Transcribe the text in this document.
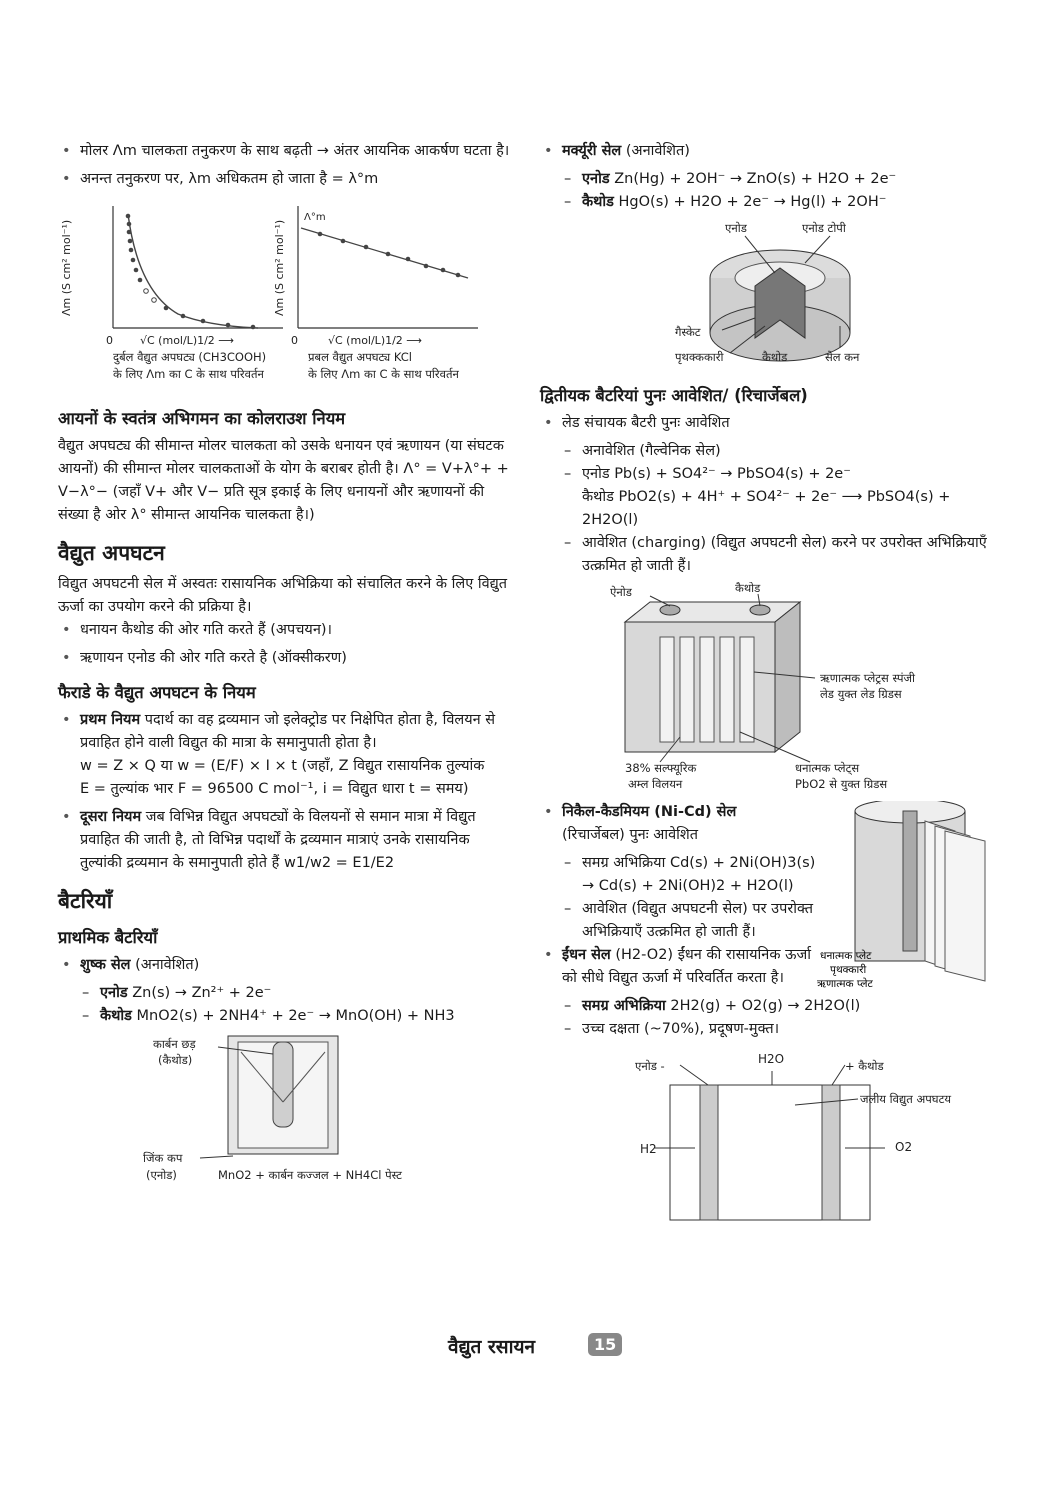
• मोलर Λm चालकता तनुकरण के साथ बढ़ती → अंतर आयनिक आकर्षण घटता है।
• अनन्त तनुकरण पर, λm अधिकतम हो जाता है = λ°m
Λm (S cm² mol⁻¹)
0 √C (mol/L)1/2 ⟶
दुर्बल वैद्युत अपघट्य (CH3COOH)
के लिए Λm का C के साथ परिवर्तन
Λ°m
Λm (S cm² mol⁻¹)
0	√C (mol/L)1/2 ⟶
प्रबल वैद्युत अपघट्य KCl
के लिए Λm का C के साथ परिवर्तन
आयनों के स्वतंत्र अभिगमन का कोलराउश नियम

वैद्युत अपघट्य की सीमान्त मोलर चालकता को उसके धनायन एवं ऋणायन (या संघटक आयनों) की सीमान्त मोलर चालकताओं के योग के बराबर होती है। Λ° = V+λ°+ + V−λ°− (जहाँ V+ और V− प्रति सूत्र इकाई के लिए धनायनों और ऋणायनों की संख्या है ओर λ° सीमान्त आयनिक चालकता है।)

वैद्युत अपघटन

विद्युत अपघटनी सेल में अस्वतः रासायनिक अभिक्रिया को संचालित करने के लिए विद्युत ऊर्जा का उपयोग करने की प्रक्रिया है।

• धनायन कैथोड की ओर गति करते हैं (अपचयन)।
• ऋणायन एनोड की ओर गति करते है (ऑक्सीकरण)
फैराडे के वैद्युत अपघटन के नियम
• प्रथम नियम पदार्थ का वह द्रव्यमान जो इलेक्ट्रोड पर निक्षेपित होता है, विलयन से प्रवाहित होने वाली विद्युत की मात्रा के समानुपाती होता है।
w = Z × Q या w = (E/F) × I × t (जहाँ, Z विद्युत रासायनिक तुल्यांक
E = तुल्यांक भार F = 96500 C mol⁻¹, i = विद्युत धारा t = समय)
• दूसरा नियम जब विभिन्न विद्युत अपघट्यों के विलयनों से समान मात्रा में विद्युत प्रवाहित की जाती है, तो विभिन्न पदार्थों के द्रव्यमान मात्राएं उनके रासायनिक तुल्यांकी द्रव्यमान के समानुपाती होते हैं w1/w2 = E1/E2
बैटरियाँ
प्राथमिक बैटरियाँ
• शुष्क सेल (अनावेशित)
– एनोड Zn(s) → Zn²⁺ + 2e⁻
– कैथोड MnO2(s) + 2NH4⁺ + 2e⁻ → MnO(OH) + NH3
कार्बन छड़
(कैथोड)
जिंक कप
(एनोड)	MnO2 + कार्बन कज्जल + NH4Cl पेस्ट
• मर्क्यूरी सेल (अनावेशित)
– एनोड Zn(Hg) + 2OH⁻ → ZnO(s) + H2O + 2e⁻
– कैथोड HgO(s) + H2O + 2e⁻ → Hg(l) + 2OH⁻
एनोड	एनोड टोपी
गैस्केट
पृथक्ककारी	कैथोड	सेल कन
द्वितीयक बैटरियां पुनः आवेशित/ (रिचार्जेबल)
• लेड संचायक बैटरी पुनः आवेशित
– अनावेशित (गैल्वेनिक सेल)
– एनोड Pb(s) + SO4²⁻ → PbSO4(s) + 2e⁻
कैथोड PbO2(s) + 4H⁺ + SO4²⁻ + 2e⁻ ⟶ PbSO4(s) + 2H2O(l)
– आवेशित (charging) (विद्युत अपघटनी सेल) करने पर उपरोक्त अभिक्रियाएँ उत्क्रमित हो जाती हैं।
ऐनोड	कैथोड
ऋणात्मक प्लेट्रस स्पंजी
लेड युक्त लेड ग्रिडस
38% सल्फ्यूरिक
अम्ल विलयन
धनात्मक प्लेट्स
PbO2 से युक्त ग्रिडस
• निकैल-कैडमियम (Ni-Cd) सेल
(रिचार्जेबल) पुनः आवेशित
– समग्र अभिक्रिया Cd(s) + 2Ni(OH)3(s)
→ Cd(s) + 2Ni(OH)2 + H2O(l)
– आवेशित (विद्युत अपघटनी सेल) पर उपरोक्त अभिक्रियाएँ उत्क्रमित हो जाती हैं।
• ईंधन सेल (H2-O2) ईंधन की रासायनिक ऊर्जा को सीधे विद्युत ऊर्जा में परिवर्तित करता है।
धनात्मक प्लेट
पृथक्कारी
ऋणात्मक प्लेट
– समग्र अभिक्रिया 2H2(g) + O2(g) → 2H2O(l)
– उच्च दक्षता (~70%), प्रदूषण-मुक्त।
एनोड -	H2O	+ कैथोड
जलीय विद्युत अपघटय
H2	O2
वैद्युत रसायन	15
